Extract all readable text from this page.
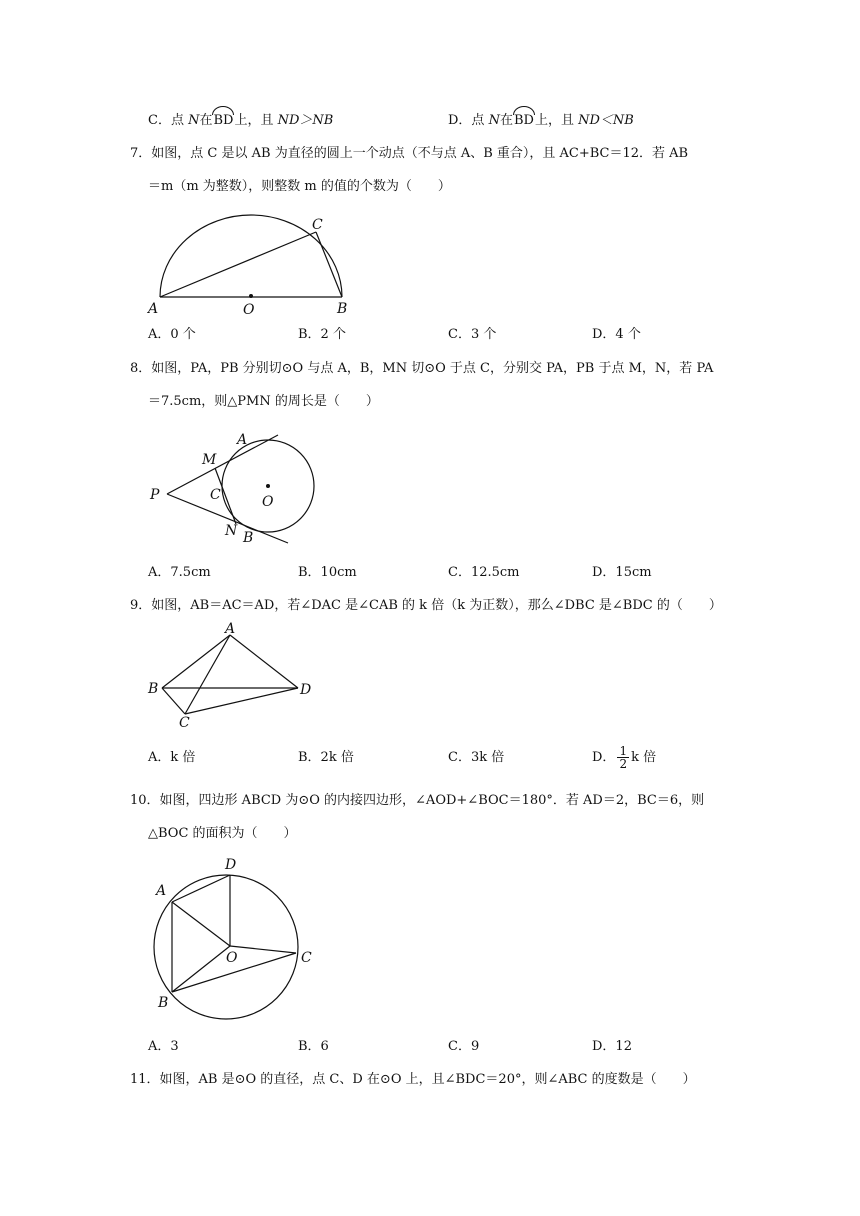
C．点 N在BD上，且 ND＞NB	D．点 N在BD上，且 ND＜NB
7．如图，点 C 是以 AB 为直径的圆上一个动点（不与点 A、B 重合），且 AC+BC＝12．若 AB
＝m（m 为整数），则整数 m 的值的个数为（　　）
A	O	B
C
A．0 个	B．2 个	C．3 个	D．4 个
8．如图，PA，PB 分别切⊙O 与点 A，B，MN 切⊙O 于点 C，分别交 PA，PB 于点 M，N，若 PA
＝7.5cm，则△PMN 的周长是（　　）
A
M
P	C	O
N B
A．7.5cm	B．10cm	C．12.5cm	D．15cm
9．如图，AB＝AC＝AD，若∠DAC 是∠CAB 的 k 倍（k 为正数），那么∠DBC 是∠BDC 的（　　）
A
B
C
D
A．k 倍	B．2k 倍	C．3k 倍	D． $\frac{1}{2}$ k 倍
10．如图，四边形 ABCD 为⊙O 的内接四边形，∠AOD+∠BOC＝180°．若 AD＝2，BC＝6，则
△BOC 的面积为（　　）
D
A
O	C
B
A．3	B．6	C．9	D．12
11．如图，AB 是⊙O 的直径，点 C、D 在⊙O 上，且∠BDC＝20°，则∠ABC 的度数是（　　）
